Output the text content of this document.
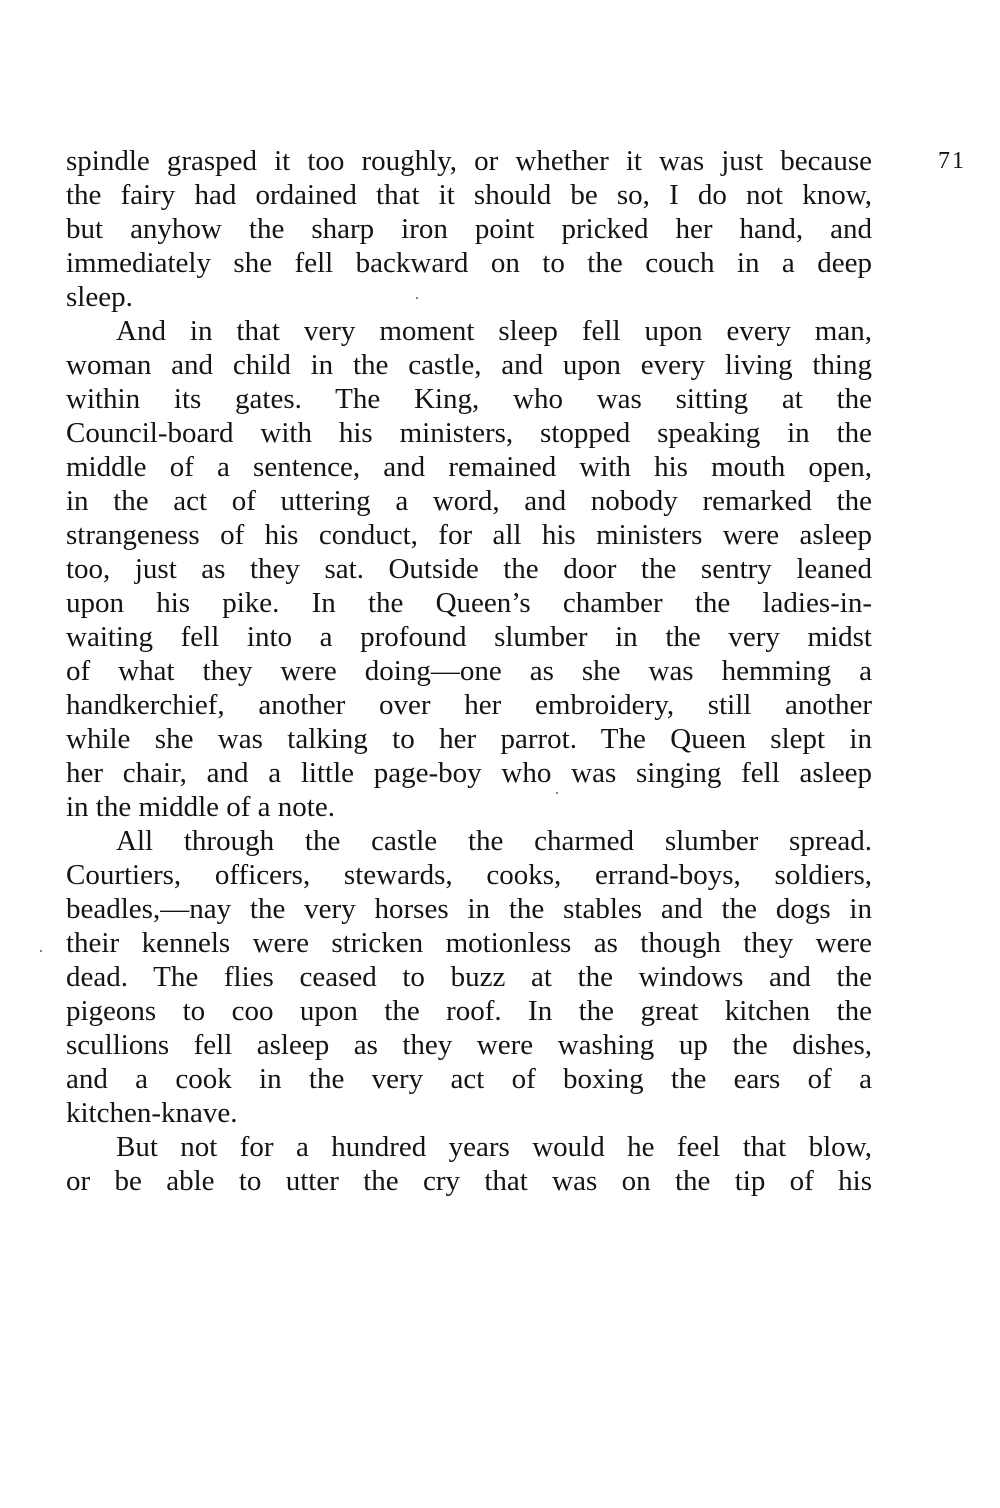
71
spindle grasped it too roughly, or whether it was just because
the fairy had ordained that it should be so, I do not know,
but anyhow the sharp iron point pricked her hand, and
immediately she fell backward on to the couch in a deep
sleep.
And in that very moment sleep fell upon every man,
woman and child in the castle, and upon every living thing
within its gates. The King, who was sitting at the
Council-board with his ministers, stopped speaking in the
middle of a sentence, and remained with his mouth open,
in the act of uttering a word, and nobody remarked the
strangeness of his conduct, for all his ministers were asleep
too, just as they sat. Outside the door the sentry leaned
upon his pike. In the Queen’s chamber the ladies-in-
waiting fell into a profound slumber in the very midst
of what they were doing—one as she was hemming a
handkerchief, another over her embroidery, still another
while she was talking to her parrot. The Queen slept in
her chair, and a little page-boy who was singing fell asleep
in the middle of a note.
All through the castle the charmed slumber spread.
Courtiers, officers, stewards, cooks, errand-boys, soldiers,
beadles,—nay the very horses in the stables and the dogs in
their kennels were stricken motionless as though they were
dead. The flies ceased to buzz at the windows and the
pigeons to coo upon the roof. In the great kitchen the
scullions fell asleep as they were washing up the dishes,
and a cook in the very act of boxing the ears of a
kitchen-knave.
But not for a hundred years would he feel that blow,
or be able to utter the cry that was on the tip of his
